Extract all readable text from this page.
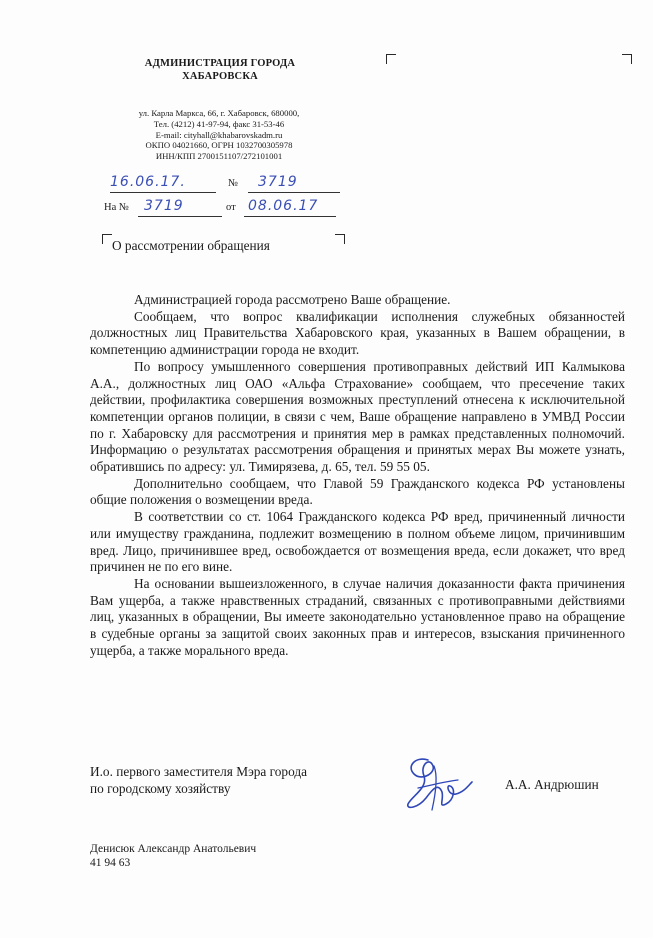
АДМИНИСТРАЦИЯ ГОРОДА
ХАБАРОВСКА
ул. Карла Маркса, 66, г. Хабаровск, 680000,
Тел. (4212) 41-97-94, факс 31-53-46
E-mail: cityhall@khabarovskadm.ru
ОКПО 04021660, ОГРН 1032700305978
ИНН/КПП 2700151107/272101001
16.06.17.	№ 3719
На № 3719	от 08.06.17
О рассмотрении обращения

Администрацией города рассмотрено Ваше обращение.

Сообщаем, что вопрос квалификации исполнения служебных обязанностей должностных лиц Правительства Хабаровского края, указанных в Вашем обращении, в компетенцию администрации города не входит.

По вопросу умышленного совершения противоправных действий ИП Калмыкова А.А., должностных лиц ОАО «Альфа Страхование» сообщаем, что пресечение таких действии, профилактика совершения возможных преступлений отнесена к исключительной компетенции органов полиции, в связи с чем, Ваше обращение направлено в УМВД России по г. Хабаровску для рассмотрения и принятия мер в рамках представленных полномочий. Информацию о результатах рассмотрения обращения и принятых мерах Вы можете узнать, обратившись по адресу: ул. Тимирязева, д. 65, тел. 59 55 05.

Дополнительно сообщаем, что Главой 59 Гражданского кодекса РФ установлены общие положения о возмещении вреда.

В соответствии со ст. 1064 Гражданского кодекса РФ вред, причиненный личности или имуществу гражданина, подлежит возмещению в полном объеме лицом, причинившим вред. Лицо, причинившее вред, освобождается от возмещения вреда, если докажет, что вред причинен не по его вине.

На основании вышеизложенного, в случае наличия доказанности факта причинения Вам ущерба, а также нравственных страданий, связанных с противоправными действиями лиц, указанных в обращении, Вы имеете законодательно установленное право на обращение в судебные органы за защитой своих законных прав и интересов, взыскания причиненного ущерба, а также морального вреда.

И.о. первого заместителя Мэра города
по городскому хозяйству	А.А. Андрюшин
Денисюк Александр Анатольевич
41 94 63
